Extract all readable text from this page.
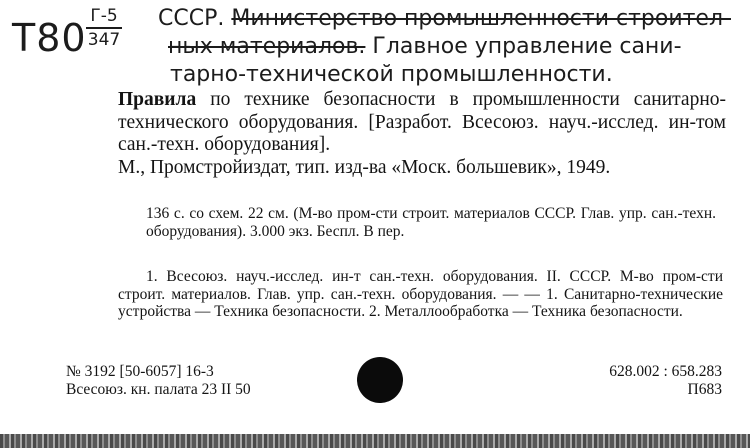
Т80 Г-5
347
СССР. Министерство промышленности строител-
ных материалов. Главное управление сани-
тарно-технической промышленности.
Правила по технике безопасности в промышленности санитарно-технического оборудования. [Разработ. Всесоюз. науч.-исслед. ин-том сан.-техн. оборудования].
М., Промстройиздат, тип. изд-ва «Моск. большевик», 1949.
136 с. со схем. 22 см. (М-во пром-сти строит. материалов СССР. Глав. упр. сан.-техн. оборудования). 3.000 экз. Беспл. В пер.
1. Всесоюз. науч.-исслед. ин-т сан.-техн. оборудования. II. СССР. М-во пром-сти строит. материалов. Глав. упр. сан.-техн. оборудования. — — 1. Санитарно-технические устройства — Техника безопасности. 2. Металлообработка — Техника безопасности.
№ 3192 [50-6057] 16-3
Всесоюз. кн. палата 23 II 50
628.002 : 658.283
П683
